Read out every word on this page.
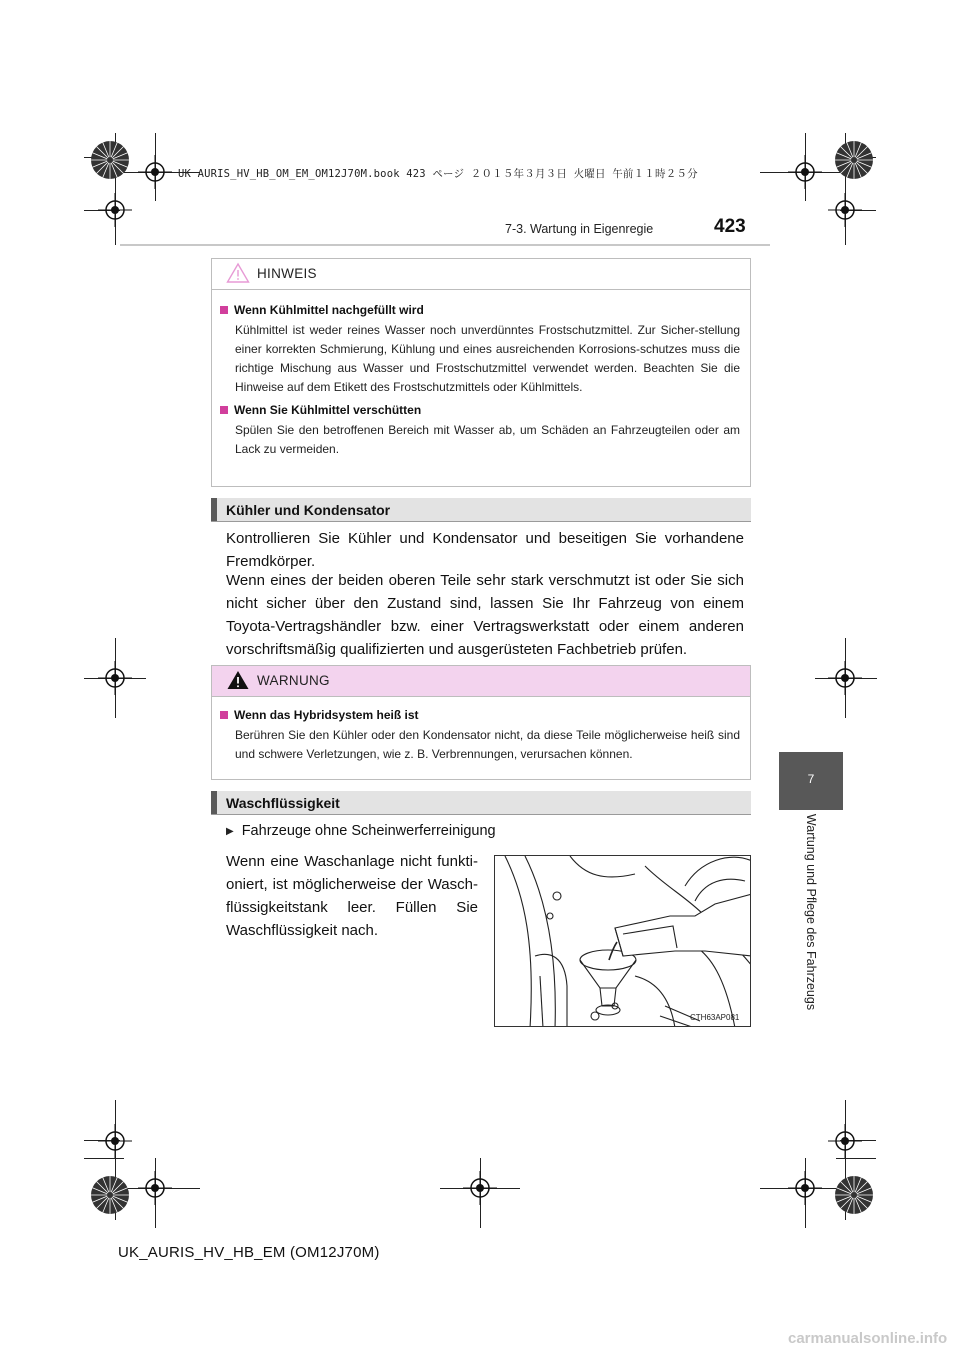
UK AURIS_HV_HB_OM_EM_OM12J70M.book 423 ページ ２０１５年３月３日 火曜日 午前１１時２５分
7-3. Wartung in Eigenregie	423
7
Wartung und Pflege des Fahrzeugs
HINWEIS
Wenn Kühlmittel nachgefüllt wird
Kühlmittel ist weder reines Wasser noch unverdünntes Frostschutzmittel. Zur Sicher-stellung einer korrekten Schmierung, Kühlung und eines ausreichenden Korrosions-schutzes muss die richtige Mischung aus Wasser und Frostschutzmittel verwendet werden. Beachten Sie die Hinweise auf dem Etikett des Frostschutzmittels oder Kühlmittels.
Wenn Sie Kühlmittel verschütten
Spülen Sie den betroffenen Bereich mit Wasser ab, um Schäden an Fahrzeugteilen oder am Lack zu vermeiden.
Kühler und Kondensator
Kontrollieren Sie Kühler und Kondensator und beseitigen Sie vorhandene Fremdkörper.
Wenn eines der beiden oberen Teile sehr stark verschmutzt ist oder Sie sich nicht sicher über den Zustand sind, lassen Sie Ihr Fahrzeug von einem Toyota-Vertragshändler bzw. einer Vertragswerkstatt oder einem anderen vorschriftsmäßig qualifizierten und ausgerüsteten Fachbetrieb prüfen.
WARNUNG
Wenn das Hybridsystem heiß ist
Berühren Sie den Kühler oder den Kondensator nicht, da diese Teile möglicherweise heiß sind und schwere Verletzungen, wie z. B. Verbrennungen, verursachen können.
Waschflüssigkeit
▶ Fahrzeuge ohne Scheinwerferreinigung
Wenn eine Waschanlage nicht funkti-oniert, ist möglicherweise der Wasch-flüssigkeitstank leer. Füllen Sie Waschflüssigkeit nach.
CTH63AP081
UK_AURIS_HV_HB_EM (OM12J70M)
carmanualsonline.info
